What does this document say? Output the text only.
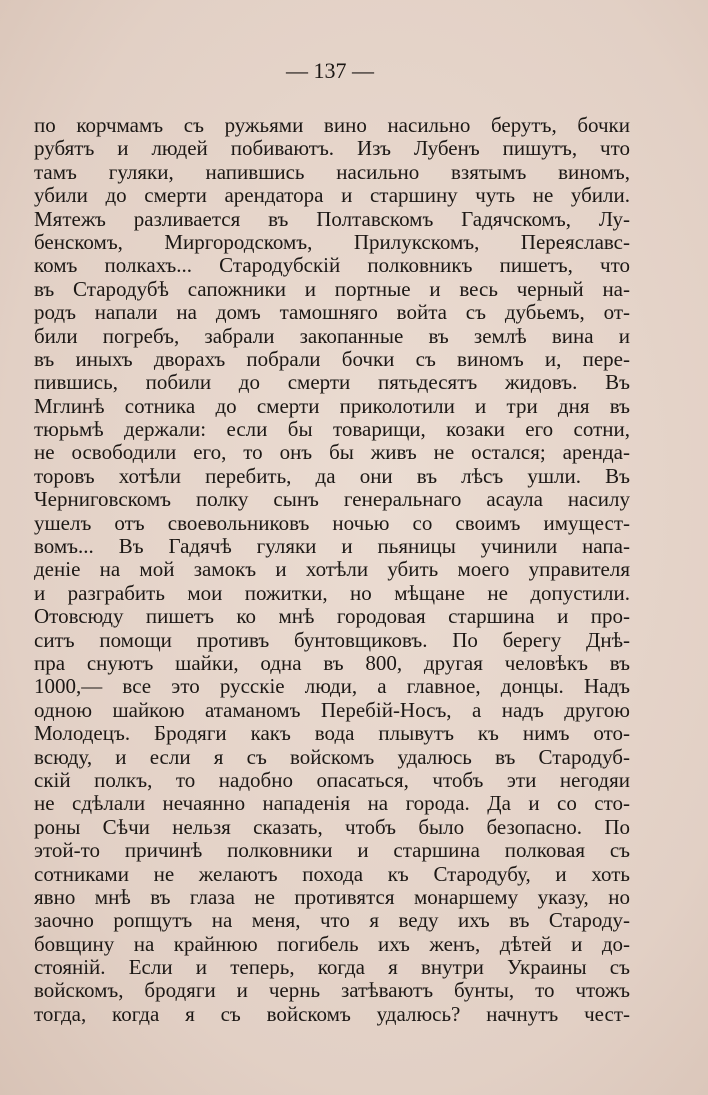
— 137 —
по корчмамъ съ ружьями вино насильно берутъ, бочки
рубятъ и людей побиваютъ. Изъ Лубенъ пишутъ, что
тамъ гуляки, напившись насильно взятымъ виномъ,
убили до смерти арендатора и старшину чуть не убили.
Мятежъ разливается въ Полтавскомъ Гадячскомъ, Лу-
бенскомъ, Миргородскомъ, Прилукскомъ, Переяславс-
комъ полкахъ... Стародубскій полковникъ пишетъ, что
въ Стародубѣ сапожники и портные и весь черный на-
родъ напали на домъ тамошняго войта съ дубьемъ, от-
били погребъ, забрали закопанные въ землѣ вина и
въ иныхъ дворахъ побрали бочки съ виномъ и, пере-
пившись, побили до смерти пятьдесятъ жидовъ. Въ
Мглинѣ сотника до смерти приколотили и три дня въ
тюрьмѣ держали: если бы товарищи, козаки его сотни,
не освободили его, то онъ бы живъ не остался; аренда-
торовъ хотѣли перебить, да они въ лѣсъ ушли. Въ
Черниговскомъ полку сынъ генеральнаго асаула насилу
ушелъ отъ своевольниковъ ночью со своимъ имущест-
вомъ... Въ Гадячѣ гуляки и пьяницы учинили напа-
деніе на мой замокъ и хотѣли убить моего управителя
и разграбить мои пожитки, но мѣщане не допустили.
Отовсюду пишетъ ко мнѣ городовая старшина и про-
ситъ помощи противъ бунтовщиковъ. По берегу Днѣ-
пра снуютъ шайки, одна въ 800, другая человѣкъ въ
1000,— все это русскіе люди, а главное, донцы. Надъ
одною шайкою атаманомъ Перебій-Носъ, а надъ другою
Молодецъ. Бродяги какъ вода плывутъ къ нимъ ото-
всюду, и если я съ войскомъ удалюсь въ Стародуб-
скій полкъ, то надобно опасаться, чтобъ эти негодяи
не сдѣлали нечаянно нападенія на города. Да и со сто-
роны Сѣчи нельзя сказать, чтобъ было безопасно. По
этой-то причинѣ полковники и старшина полковая съ
сотниками не желаютъ похода къ Стародубу, и хоть
явно мнѣ въ глаза не противятся монаршему указу, но
заочно ропщутъ на меня, что я веду ихъ въ Староду-
бовщину на крайнюю погибель ихъ женъ, дѣтей и до-
стояній. Если и теперь, когда я внутри Украины съ
войскомъ, бродяги и чернь затѣваютъ бунты, то чтожъ
тогда, когда я съ войскомъ удалюсь? начнутъ чест-
